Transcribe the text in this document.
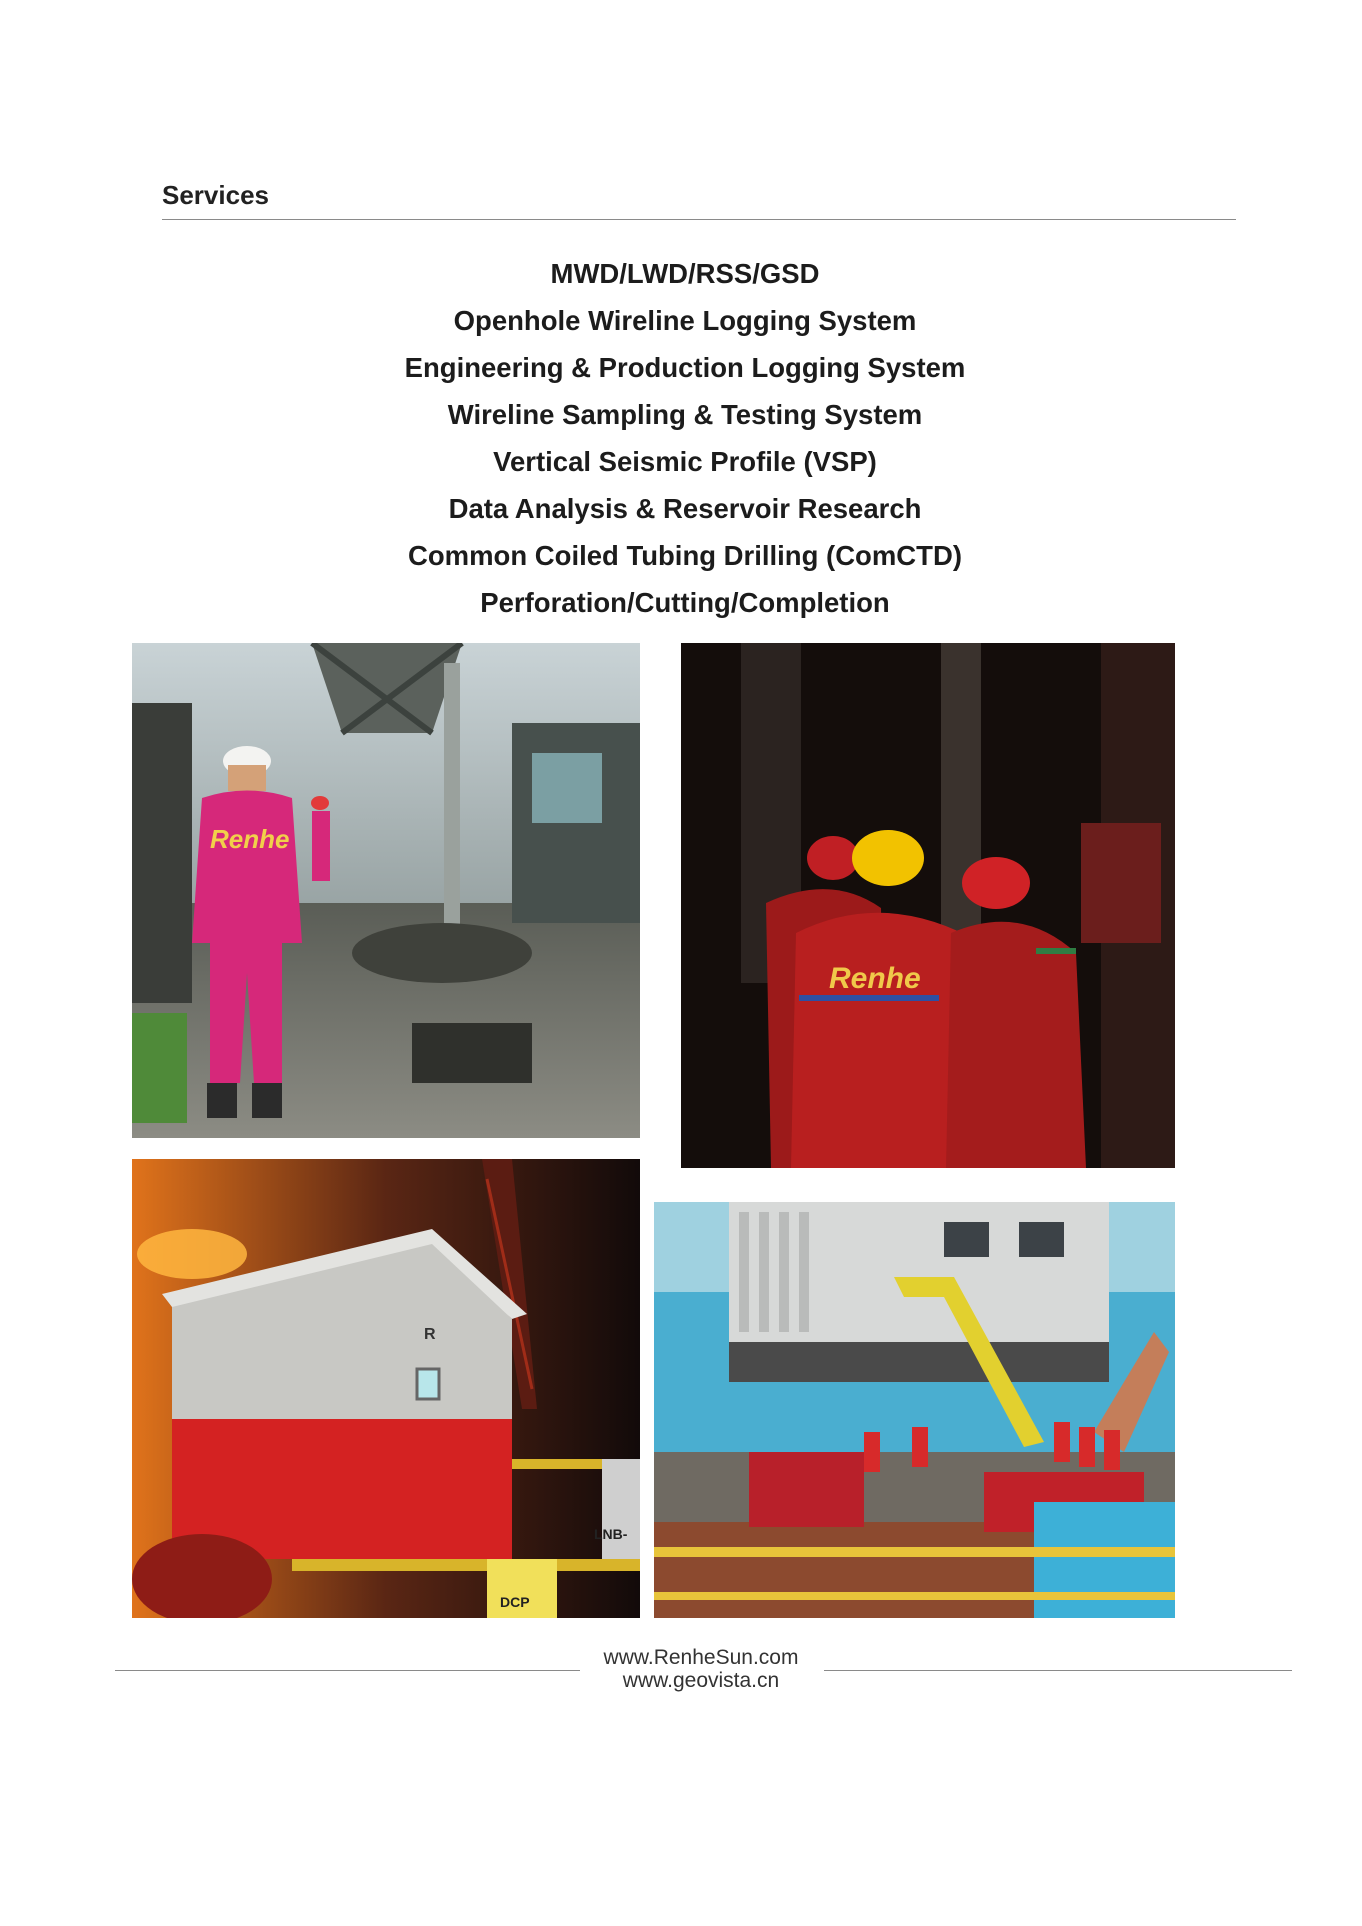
Services
MWD/LWD/RSS/GSD
Openhole Wireline Logging System
Engineering & Production Logging System
Wireline Sampling & Testing System
Vertical Seismic Profile (VSP)
Data Analysis & Reservoir Research
Common Coiled Tubing Drilling (ComCTD)
Perforation/Cutting/Completion
Renhe
Renhe
R
LNB-
DCP
www.RenheSun.com
www.geovista.cn
